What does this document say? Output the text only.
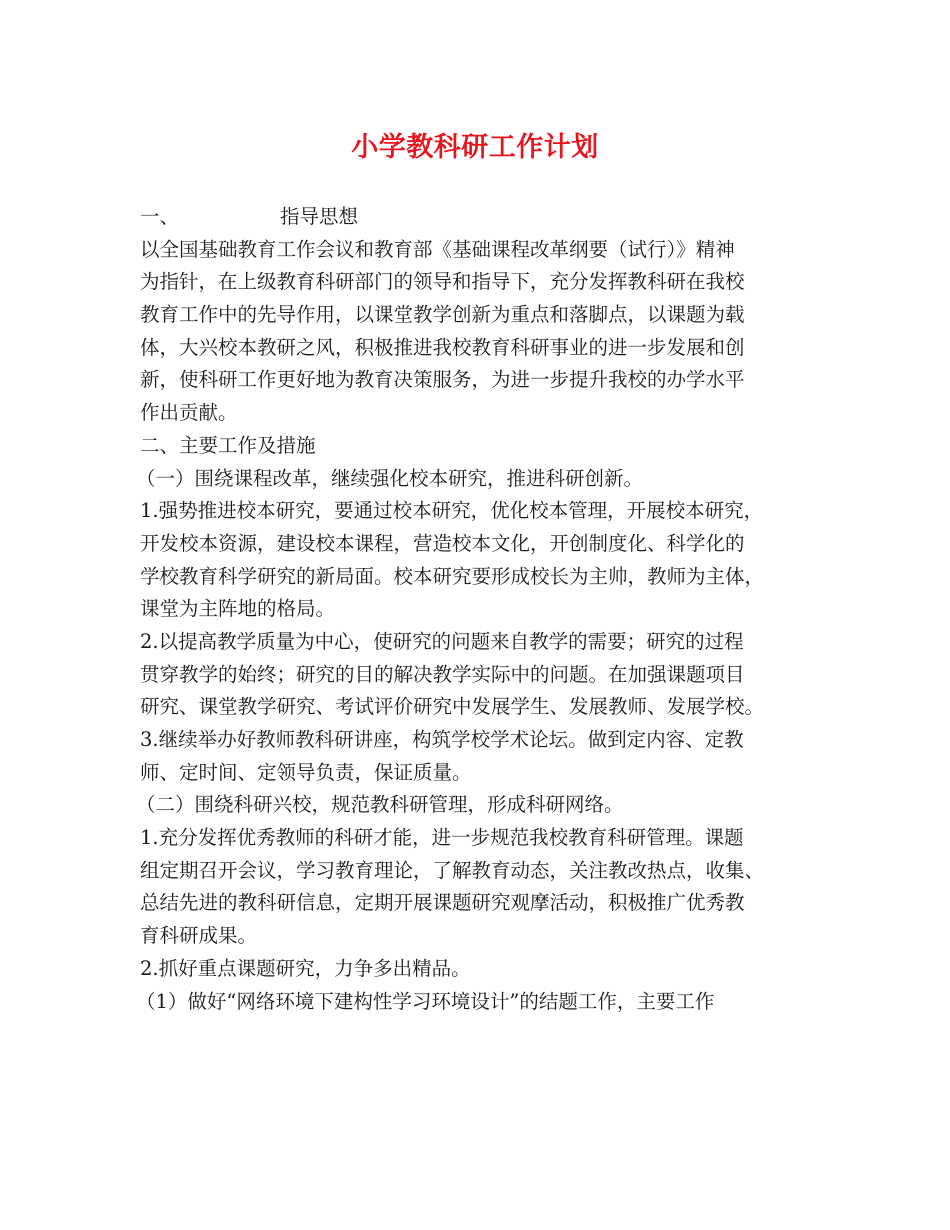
小学教科研工作计划
一、	指导思想
以全国基础教育工作会议和教育部《基础课程改革纲要（试行）》精神
为指针，在上级教育科研部门的领导和指导下，充分发挥教科研在我校
教育工作中的先导作用，以课堂教学创新为重点和落脚点，以课题为载
体，大兴校本教研之风，积极推进我校教育科研事业的进一步发展和创
新，使科研工作更好地为教育决策服务，为进一步提升我校的办学水平
作出贡献。
二、主要工作及措施
（一）围绕课程改革，继续强化校本研究，推进科研创新。
1.强势推进校本研究，要通过校本研究，优化校本管理，开展校本研究，
开发校本资源，建设校本课程，营造校本文化，开创制度化、科学化的
学校教育科学研究的新局面。校本研究要形成校长为主帅，教师为主体，
课堂为主阵地的格局。
2.以提高教学质量为中心，使研究的问题来自教学的需要；研究的过程
贯穿教学的始终；研究的目的解决教学实际中的问题。在加强课题项目
研究、课堂教学研究、考试评价研究中发展学生、发展教师、发展学校。
3.继续举办好教师教科研讲座，构筑学校学术论坛。做到定内容、定教
师、定时间、定领导负责，保证质量。
（二）围绕科研兴校，规范教科研管理，形成科研网络。
1.充分发挥优秀教师的科研才能，进一步规范我校教育科研管理。课题
组定期召开会议，学习教育理论，了解教育动态，关注教改热点，收集、
总结先进的教科研信息，定期开展课题研究观摩活动，积极推广优秀教
育科研成果。
2.抓好重点课题研究，力争多出精品。
（1）做好“网络环境下建构性学习环境设计”的结题工作，主要工作
